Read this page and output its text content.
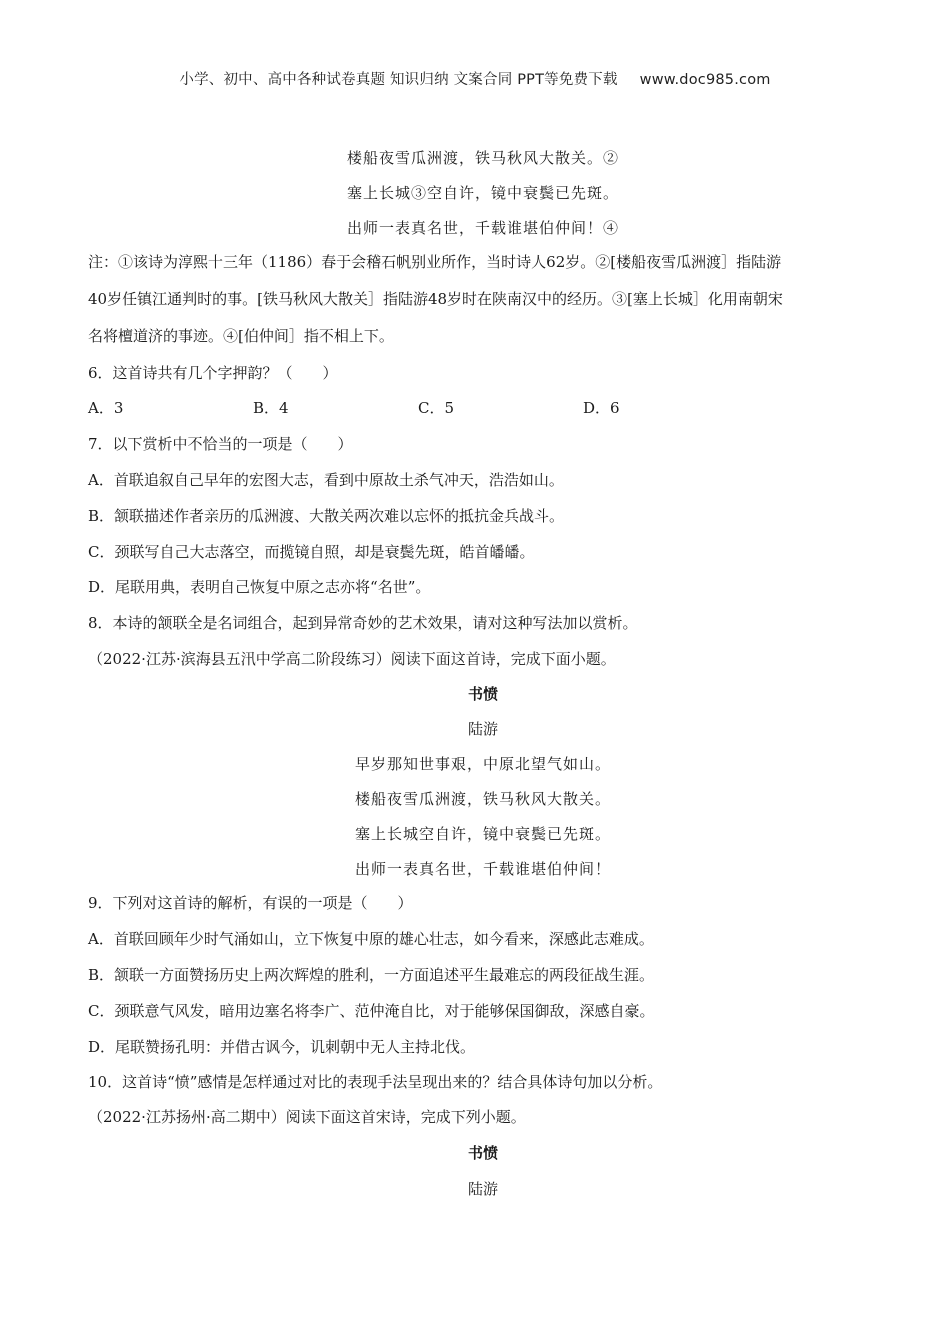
小学、初中、高中各种试卷真题 知识归纳 文案合同 PPT等免费下载 www.doc985.com
楼船夜雪瓜洲渡，铁马秋风大散关。②
塞上长城③空自许，镜中衰鬓已先斑。
出师一表真名世，千载谁堪伯仲间！④
注：①该诗为淳熙十三年（1186）春于会稽石帆别业所作，当时诗人62岁。②[楼船夜雪瓜洲渡］指陆游
40岁任镇江通判时的事。[铁马秋风大散关］指陆游48岁时在陕南汉中的经历。③[塞上长城］化用南朝宋
名将檀道济的事迹。④[伯仲间］指不相上下。
6．这首诗共有几个字押韵？（　　）
A．3	B．4	C．5	D．6
7．以下赏析中不恰当的一项是（　　）
A．首联追叙自己早年的宏图大志，看到中原故土杀气冲天，浩浩如山。
B．颔联描述作者亲历的瓜洲渡、大散关两次难以忘怀的抵抗金兵战斗。
C．颈联写自己大志落空，而揽镜自照，却是衰鬓先斑，皓首皤皤。
D．尾联用典，表明自己恢复中原之志亦将“名世”。
8．本诗的颔联全是名词组合，起到异常奇妙的艺术效果，请对这种写法加以赏析。
（2022·江苏·滨海县五汛中学高二阶段练习）阅读下面这首诗，完成下面小题。
书愤
陆游
早岁那知世事艰，中原北望气如山。
楼船夜雪瓜洲渡，铁马秋风大散关。
塞上长城空自许，镜中衰鬓已先斑。
出师一表真名世，千载谁堪伯仲间！
9．下列对这首诗的解析，有误的一项是（　　）
A．首联回顾年少时气涌如山，立下恢复中原的雄心壮志，如今看来，深感此志难成。
B．颔联一方面赞扬历史上两次辉煌的胜利，一方面追述平生最难忘的两段征战生涯。
C．颈联意气风发，暗用边塞名将李广、范仲淹自比，对于能够保国御敌，深感自豪。
D．尾联赞扬孔明：并借古讽今，讥刺朝中无人主持北伐。
10．这首诗“愤”感情是怎样通过对比的表现手法呈现出来的？结合具体诗句加以分析。
（2022·江苏扬州·高二期中）阅读下面这首宋诗，完成下列小题。
书愤
陆游
